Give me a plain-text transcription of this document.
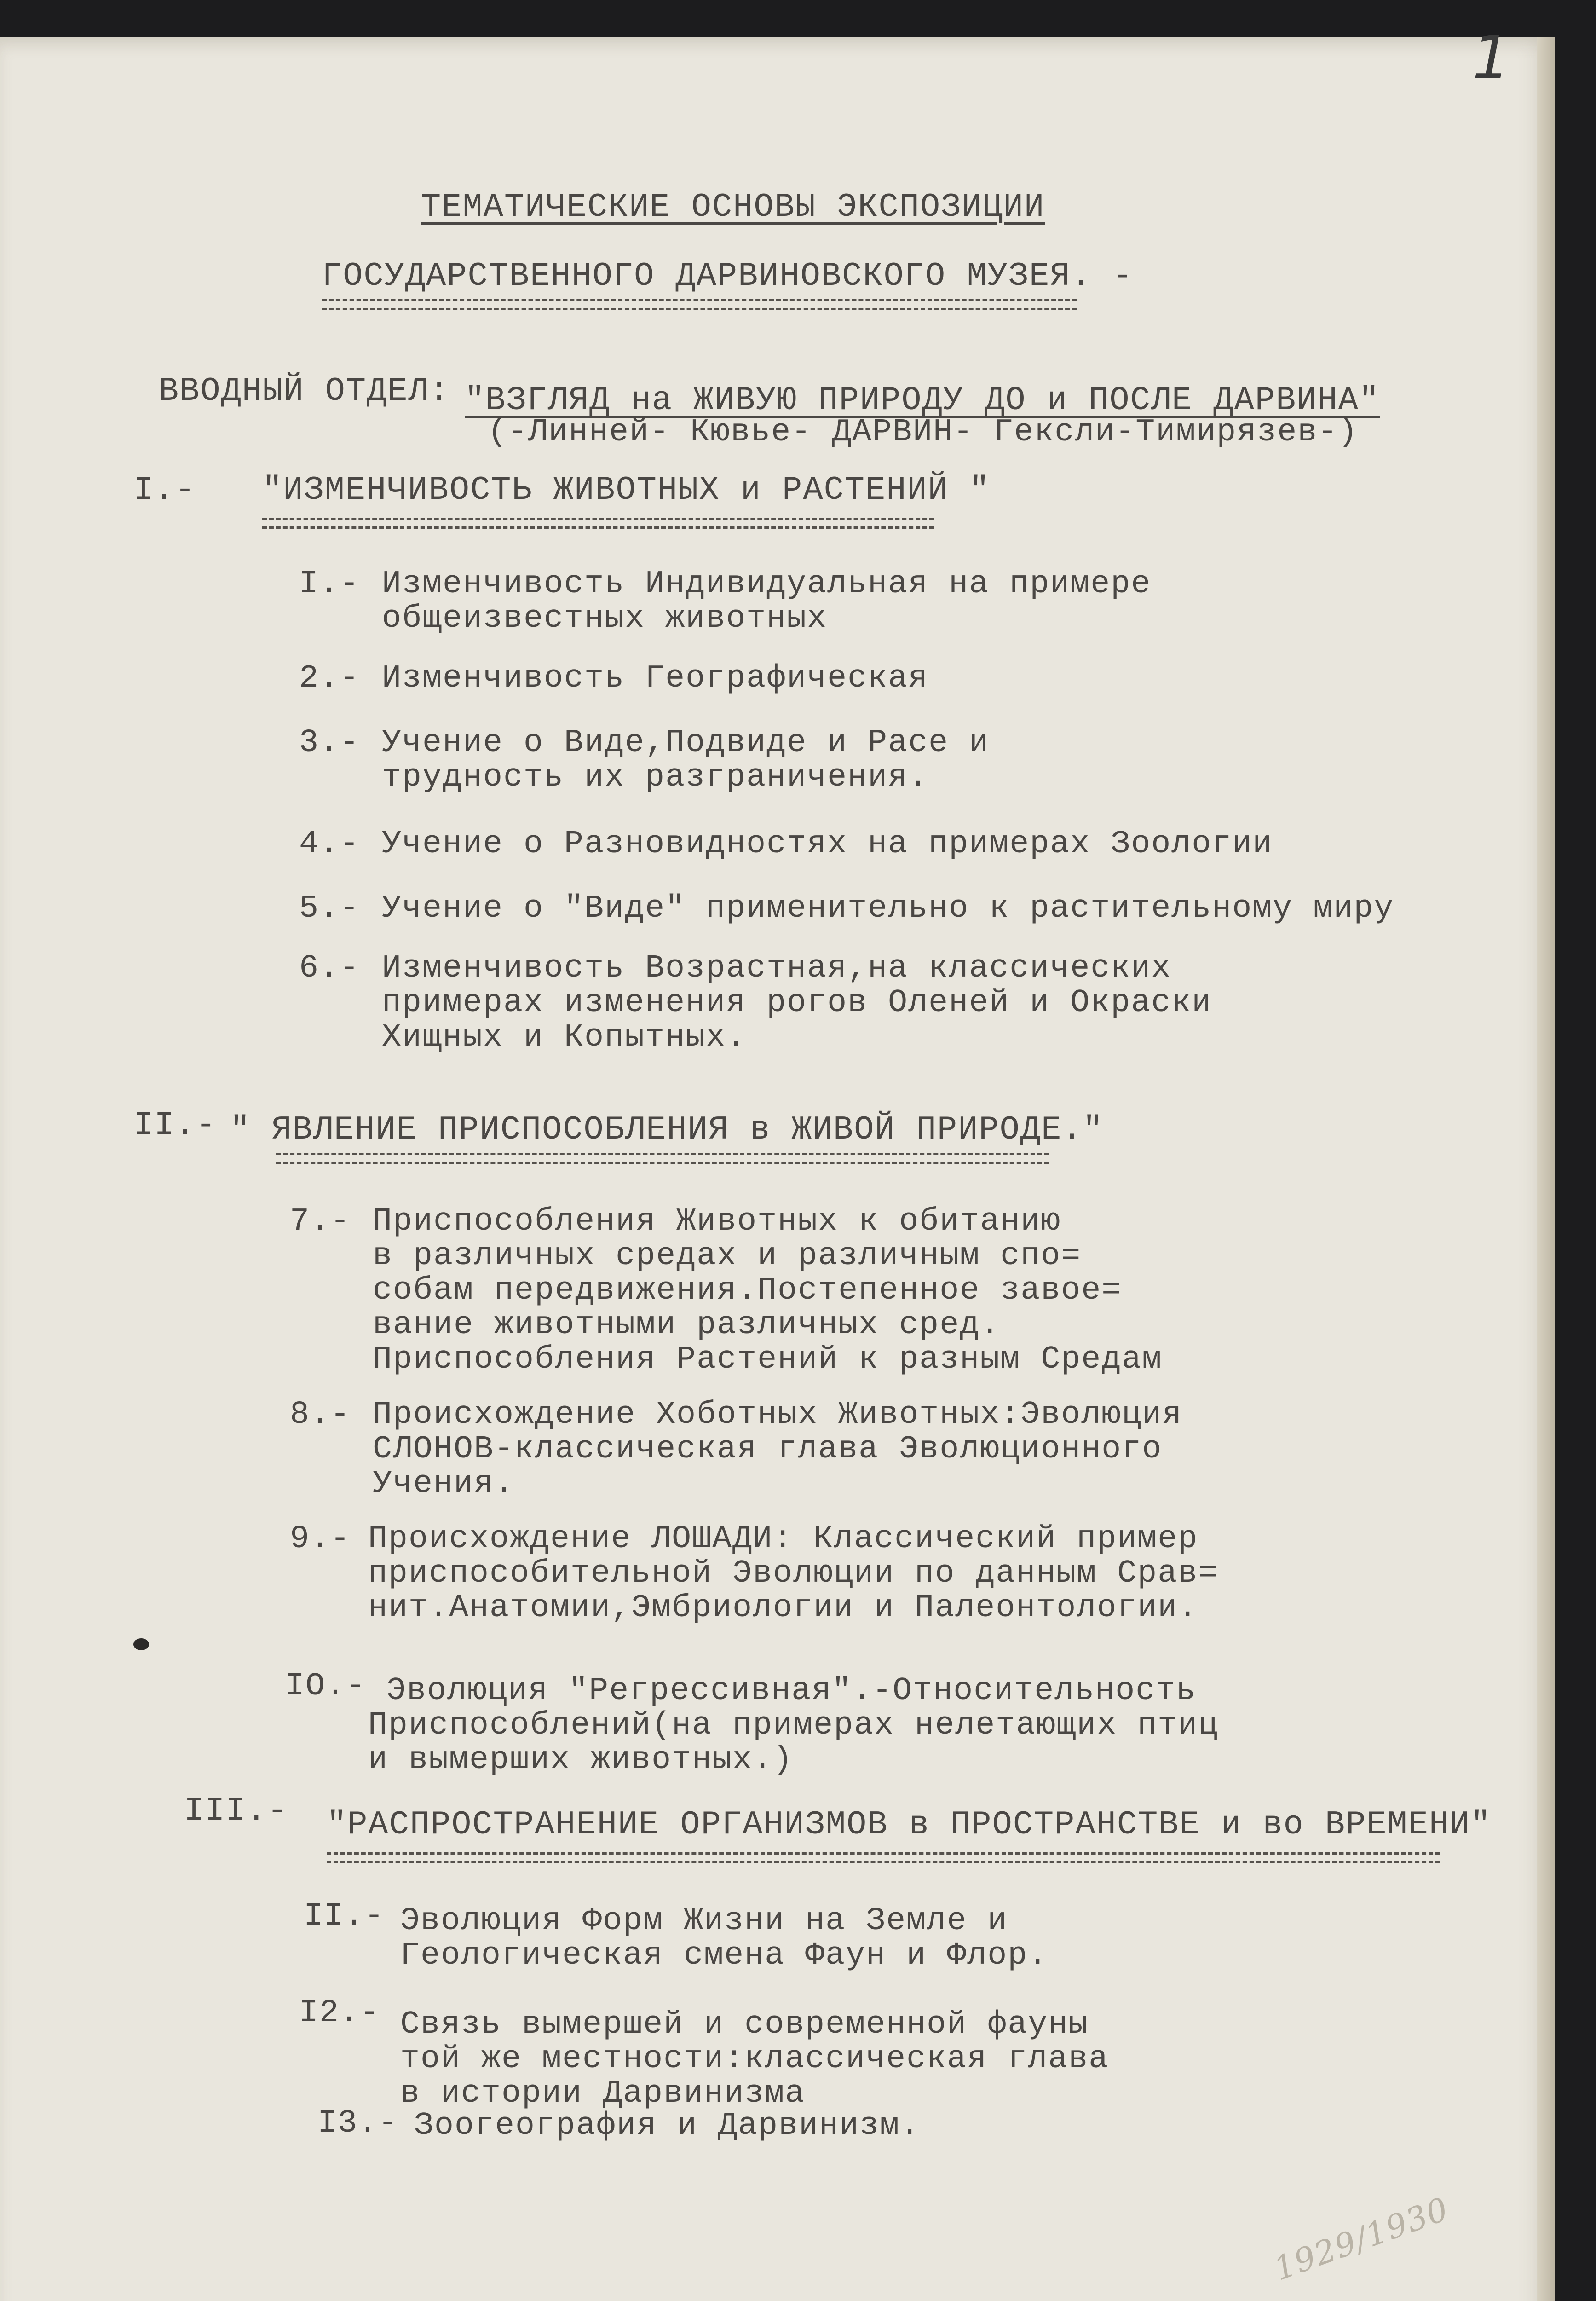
1
ТЕМАТИЧЕСКИЕ ОСНОВЫ ЭКСПОЗИЦИИ
ГОСУДАРСТВЕННОГО ДАРВИНОВСКОГО МУЗЕЯ. -
ВВОДНЫЙ ОТДЕЛ: "ВЗГЛЯД на ЖИВУЮ ПРИРОДУ ДО и ПОСЛЕ ДАРВИНА"
(-Линней- Кювье- ДАРВИН- Гексли-Тимирязев-)
I.- "ИЗМЕНЧИВОСТЬ ЖИВОТНЫХ и РАСТЕНИЙ "
I.- Изменчивость Индивидуальная на примере
общеизвестных животных
2.- Изменчивость Географическая
3.- Учение о Виде,Подвиде и Расе и
трудность их разграничения.
4.- Учение о Разновидностях на примерах Зоологии
5.- Учение о "Виде" применительно к растительному миру
6.- Изменчивость Возрастная,на классических
примерах изменения рогов Оленей и Окраски
Хищных и Копытных.
II.- " ЯВЛЕНИЕ ПРИСПОСОБЛЕНИЯ в ЖИВОЙ ПРИРОДЕ."
7.- Приспособления Животных к обитанию
в различных средах и различным спо=
собам передвижения.Постепенное завое=
вание животными различных сред.
Приспособления Растений к разным Средам
8.- Происхождение Хоботных Животных:Эволюция
СЛОНОВ-классическая глава Эволюционного
Учения.
9.- Происхождение ЛОШАДИ: Классический пример
приспособительной Эволюции по данным Срав=
нит.Анатомии,Эмбриологии и Палеонтологии.
IO.- Эволюция "Регрессивная".-Относительность
Приспособлений(на примерах нелетающих птиц
и вымерших животных.)
III.- "РАСПРОСТРАНЕНИЕ ОРГАНИЗМОВ в ПРОСТРАНСТВЕ и во ВРЕМЕНИ"
II.- Эволюция Форм Жизни на Земле и
Геологическая смена Фаун и Флор.
I2.- Связь вымершей и современной фауны
той же местности:классическая глава
в истории Дарвинизма
I3.- Зоогеография и Дарвинизм.
1929/1930
